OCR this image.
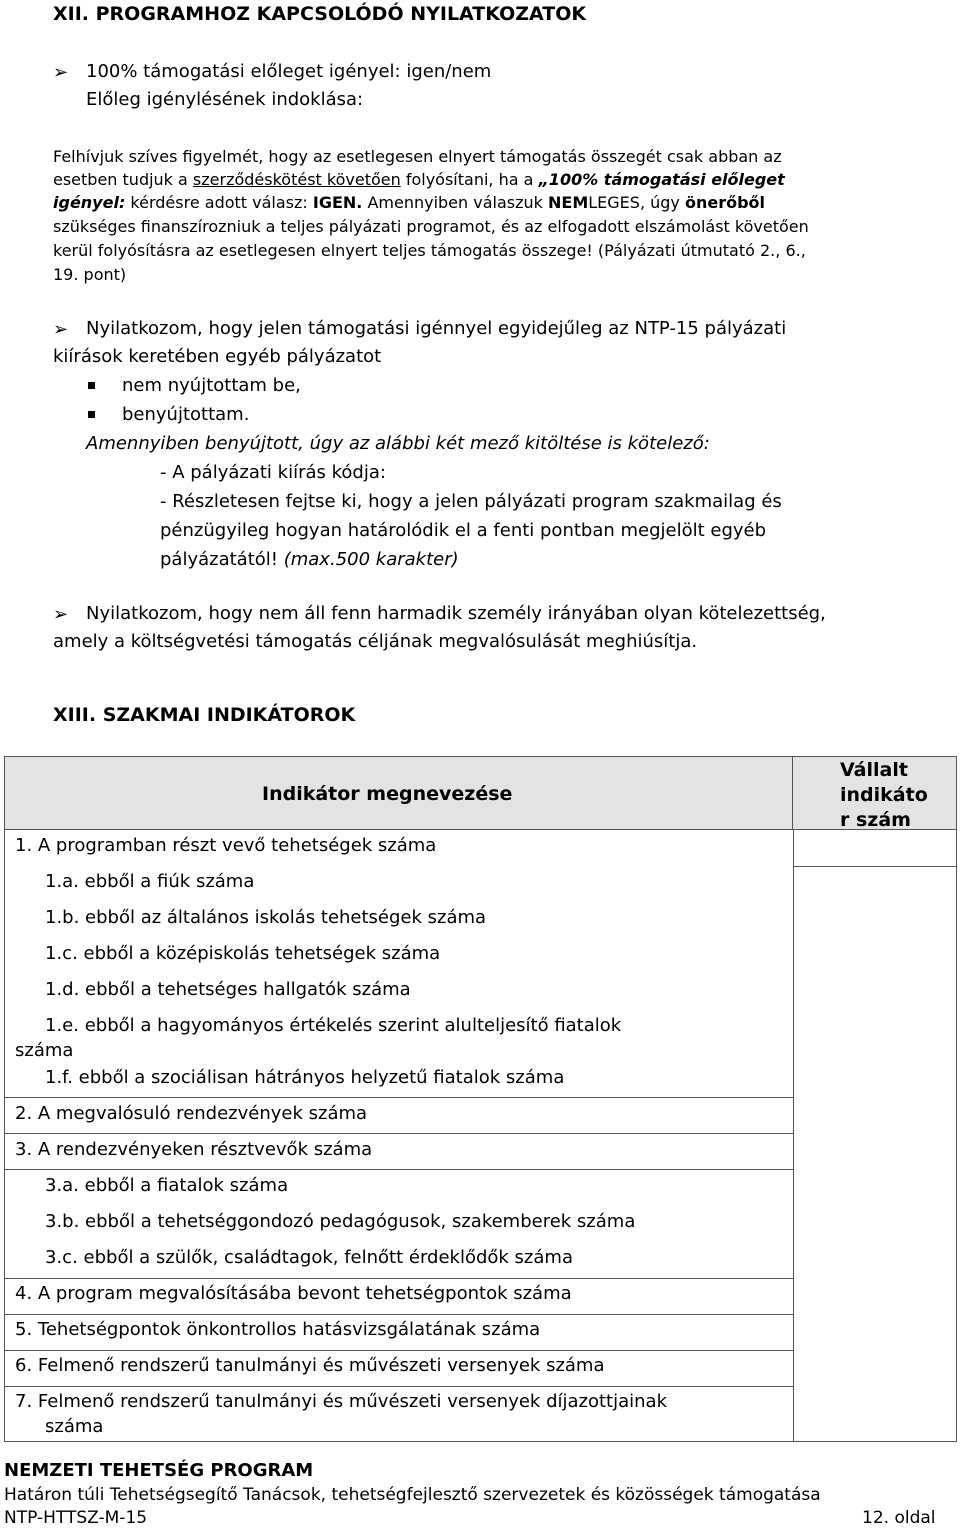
XII. PROGRAMHOZ KAPCSOLÓDÓ NYILATKOZATOK
➢ 100% támogatási előleget igényel: igen/nem
Előleg igénylésének indoklása:
Felhívjuk szíves figyelmét, hogy az esetlegesen elnyert támogatás összegét csak abban az
esetben tudjuk a szerződéskötést követően folyósítani, ha a „100% támogatási előleget
igényel: kérdésre adott válasz: IGEN. Amennyiben válaszuk NEMLEGES, úgy önerőből
szükséges finanszírozniuk a teljes pályázati programot, és az elfogadott elszámolást követően
kerül folyósításra az esetlegesen elnyert teljes támogatás összege! (Pályázati útmutató 2., 6.,
19. pont)
➢ Nyilatkozom, hogy jelen támogatási igénnyel egyidejűleg az NTP-15 pályázati
kiírások keretében egyéb pályázatot
nem nyújtottam be,
benyújtottam.
Amennyiben benyújtott, úgy az alábbi két mező kitöltése is kötelező:
- A pályázati kiírás kódja:
- Részletesen fejtse ki, hogy a jelen pályázati program szakmailag és
pénzügyileg hogyan határolódik el a fenti pontban megjelölt egyéb
pályázatától! (max.500 karakter)
➢ Nyilatkozom, hogy nem áll fenn harmadik személy irányában olyan kötelezettség,
amely a költségvetési támogatás céljának megvalósulását meghiúsítja.
XIII. SZAKMAI INDIKÁTOROK
Indikátor megnevezése
Vállalt
indikáto
r szám
1. A programban részt vevő tehetségek száma
1.a. ebből a fiúk száma
1.b. ebből az általános iskolás tehetségek száma
1.c. ebből a középiskolás tehetségek száma
1.d. ebből a tehetséges hallgatók száma
1.e. ebből a hagyományos értékelés szerint alulteljesítő fiatalok
száma
1.f. ebből a szociálisan hátrányos helyzetű fiatalok száma
2. A megvalósuló rendezvények száma
3. A rendezvényeken résztvevők száma
3.a. ebből a fiatalok száma
3.b. ebből a tehetséggondozó pedagógusok, szakemberek száma
3.c. ebből a szülők, családtagok, felnőtt érdeklődők száma
4. A program megvalósításába bevont tehetségpontok száma
5. Tehetségpontok önkontrollos hatásvizsgálatának száma
6. Felmenő rendszerű tanulmányi és művészeti versenyek száma
7. Felmenő rendszerű tanulmányi és művészeti versenyek díjazottjainak
száma
NEMZETI TEHETSÉG PROGRAM
Határon túli Tehetségsegítő Tanácsok, tehetségfejlesztő szervezetek és közösségek támogatása
NTP-HTTSZ-M-15	12. oldal
